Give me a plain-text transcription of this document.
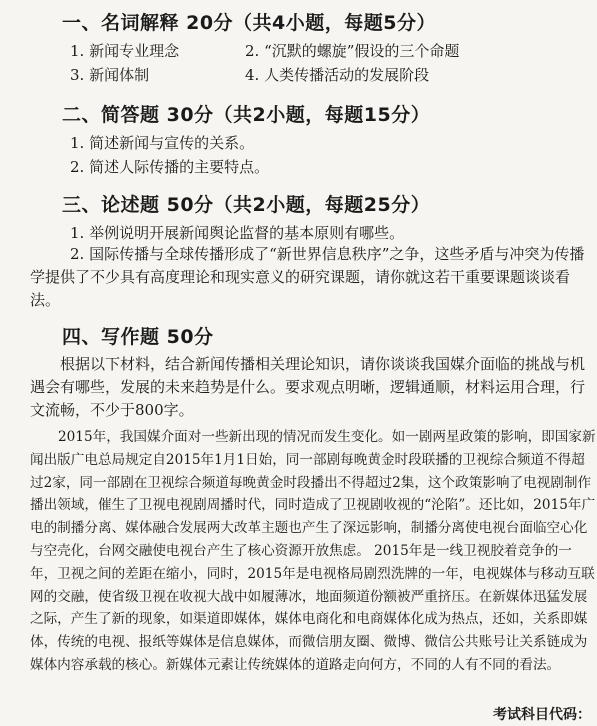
一、名词解释 20分（共4小题，每题5分）
1. 新闻专业理念	2. “沉默的螺旋”假设的三个命题
3. 新闻体制	4. 人类传播活动的发展阶段
二、简答题 30分（共2小题，每题15分）
1. 简述新闻与宣传的关系。
2. 简述人际传播的主要特点。
三、论述题 50分（共2小题，每题25分）
1. 举例说明开展新闻舆论监督的基本原则有哪些。

2. 国际传播与全球传播形成了“新世界信息秩序”之争，这些矛盾与冲突为传播学提供了不少具有高度理论和现实意义的研究课题，请你就这若干重要课题谈谈看法。

四、写作题 50分

根据以下材料，结合新闻传播相关理论知识，请你谈谈我国媒介面临的挑战与机遇会有哪些，发展的未来趋势是什么。要求观点明晰，逻辑通顺，材料运用合理，行文流畅，不少于800字。

2015年，我国媒介面对一些新出现的情况而发生变化。如一剧两星政策的影响，即国家新闻出版广电总局规定自2015年1月1日始，同一部剧每晚黄金时段联播的卫视综合频道不得超过2家，同一部剧在卫视综合频道每晚黄金时段播出不得超过2集，这个政策影响了电视剧制作播出领域，催生了卫视电视剧周播时代，同时造成了卫视剧收视的“沦陷”。还比如，2015年广电的制播分离、媒体融合发展两大改革主题也产生了深远影响，制播分离使电视台面临空心化与空壳化，台网交融使电视台产生了核心资源开放焦虑。 2015年是一线卫视胶着竞争的一年，卫视之间的差距在缩小，同时，2015年是电视格局剧烈洗牌的一年，电视媒体与移动互联网的交融，使省级卫视在收视大战中如履薄冰，地面频道份额被严重挤压。在新媒体迅猛发展之际，产生了新的现象，如渠道即媒体，媒体电商化和电商媒体化成为热点，还如，关系即媒体，传统的电视、报纸等媒体是信息媒体，而微信朋友圈、微博、微信公共账号让关系链成为媒体内容承载的核心。新媒体元素让传统媒体的道路走向何方，不同的人有不同的看法。

考试科目代码：
